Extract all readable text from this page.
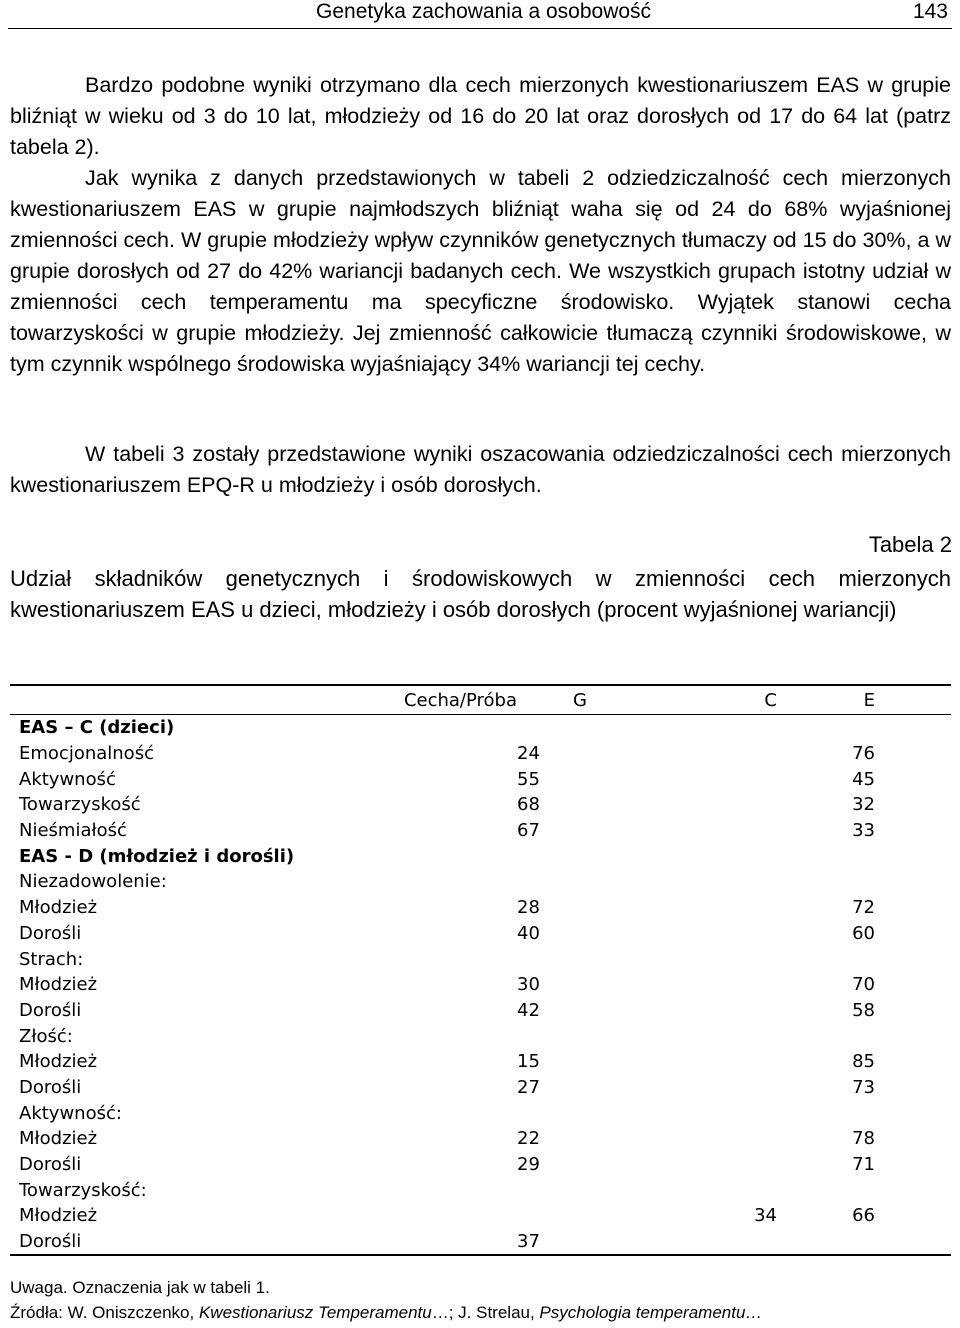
Genetyka zachowania a osobowość	143

Bardzo podobne wyniki otrzymano dla cech mierzonych kwestionariuszem EAS w grupie bliźniąt w wieku od 3 do 10 lat, młodzieży od 16 do 20 lat oraz dorosłych od 17 do 64 lat (patrz tabela 2).

Jak wynika z danych przedstawionych w tabeli 2 odziedziczalność cech mierzonych kwestionariuszem EAS w grupie najmłodszych bliźniąt waha się od 24 do 68% wyjaśnionej zmienności cech. W grupie młodzieży wpływ czynników genetycznych tłumaczy od 15 do 30%, a w grupie dorosłych od 27 do 42% wariancji badanych cech. We wszystkich grupach istotny udział w zmienności cech temperamentu ma specyficzne środowisko. Wyjątek stanowi cecha towarzyskości w grupie młodzieży. Jej zmienność całkowicie tłumaczą czynniki środowiskowe, w tym czynnik wspólnego środowiska wyjaśniający 34% wariancji tej cechy.

W tabeli 3 zostały przedstawione wyniki oszacowania odziedziczalności cech mierzonych kwestionariuszem EPQ-R u młodzieży i osób dorosłych.

Tabela 2

Udział składników genetycznych i środowiskowych w zmienności cech mierzonych kwestionariuszem EAS u dzieci, młodzieży i osób dorosłych (procent wyjaśnionej wariancji)

Cecha/Próba	G	C	E
EAS – C (dzieci)			
Emocjonalność	24		76
Aktywność	55		45
Towarzyskość	68		32
Nieśmiałość	67		33
EAS - D (młodzież i dorośli)			
Niezadowolenie:			
Młodzież	28		72
Dorośli	40		60
Strach:			
Młodzież	30		70
Dorośli	42		58
Złość:			
Młodzież	15		85
Dorośli	27		73
Aktywność:			
Młodzież	22		78
Dorośli	29		71
Towarzyskość:			
Młodzież		34	66
Dorośli	37		
Uwaga. Oznaczenia jak w tabeli 1.
Źródła: W. Oniszczenko, Kwestionariusz Temperamentu…; J. Strelau, Psychologia temperamentu…
